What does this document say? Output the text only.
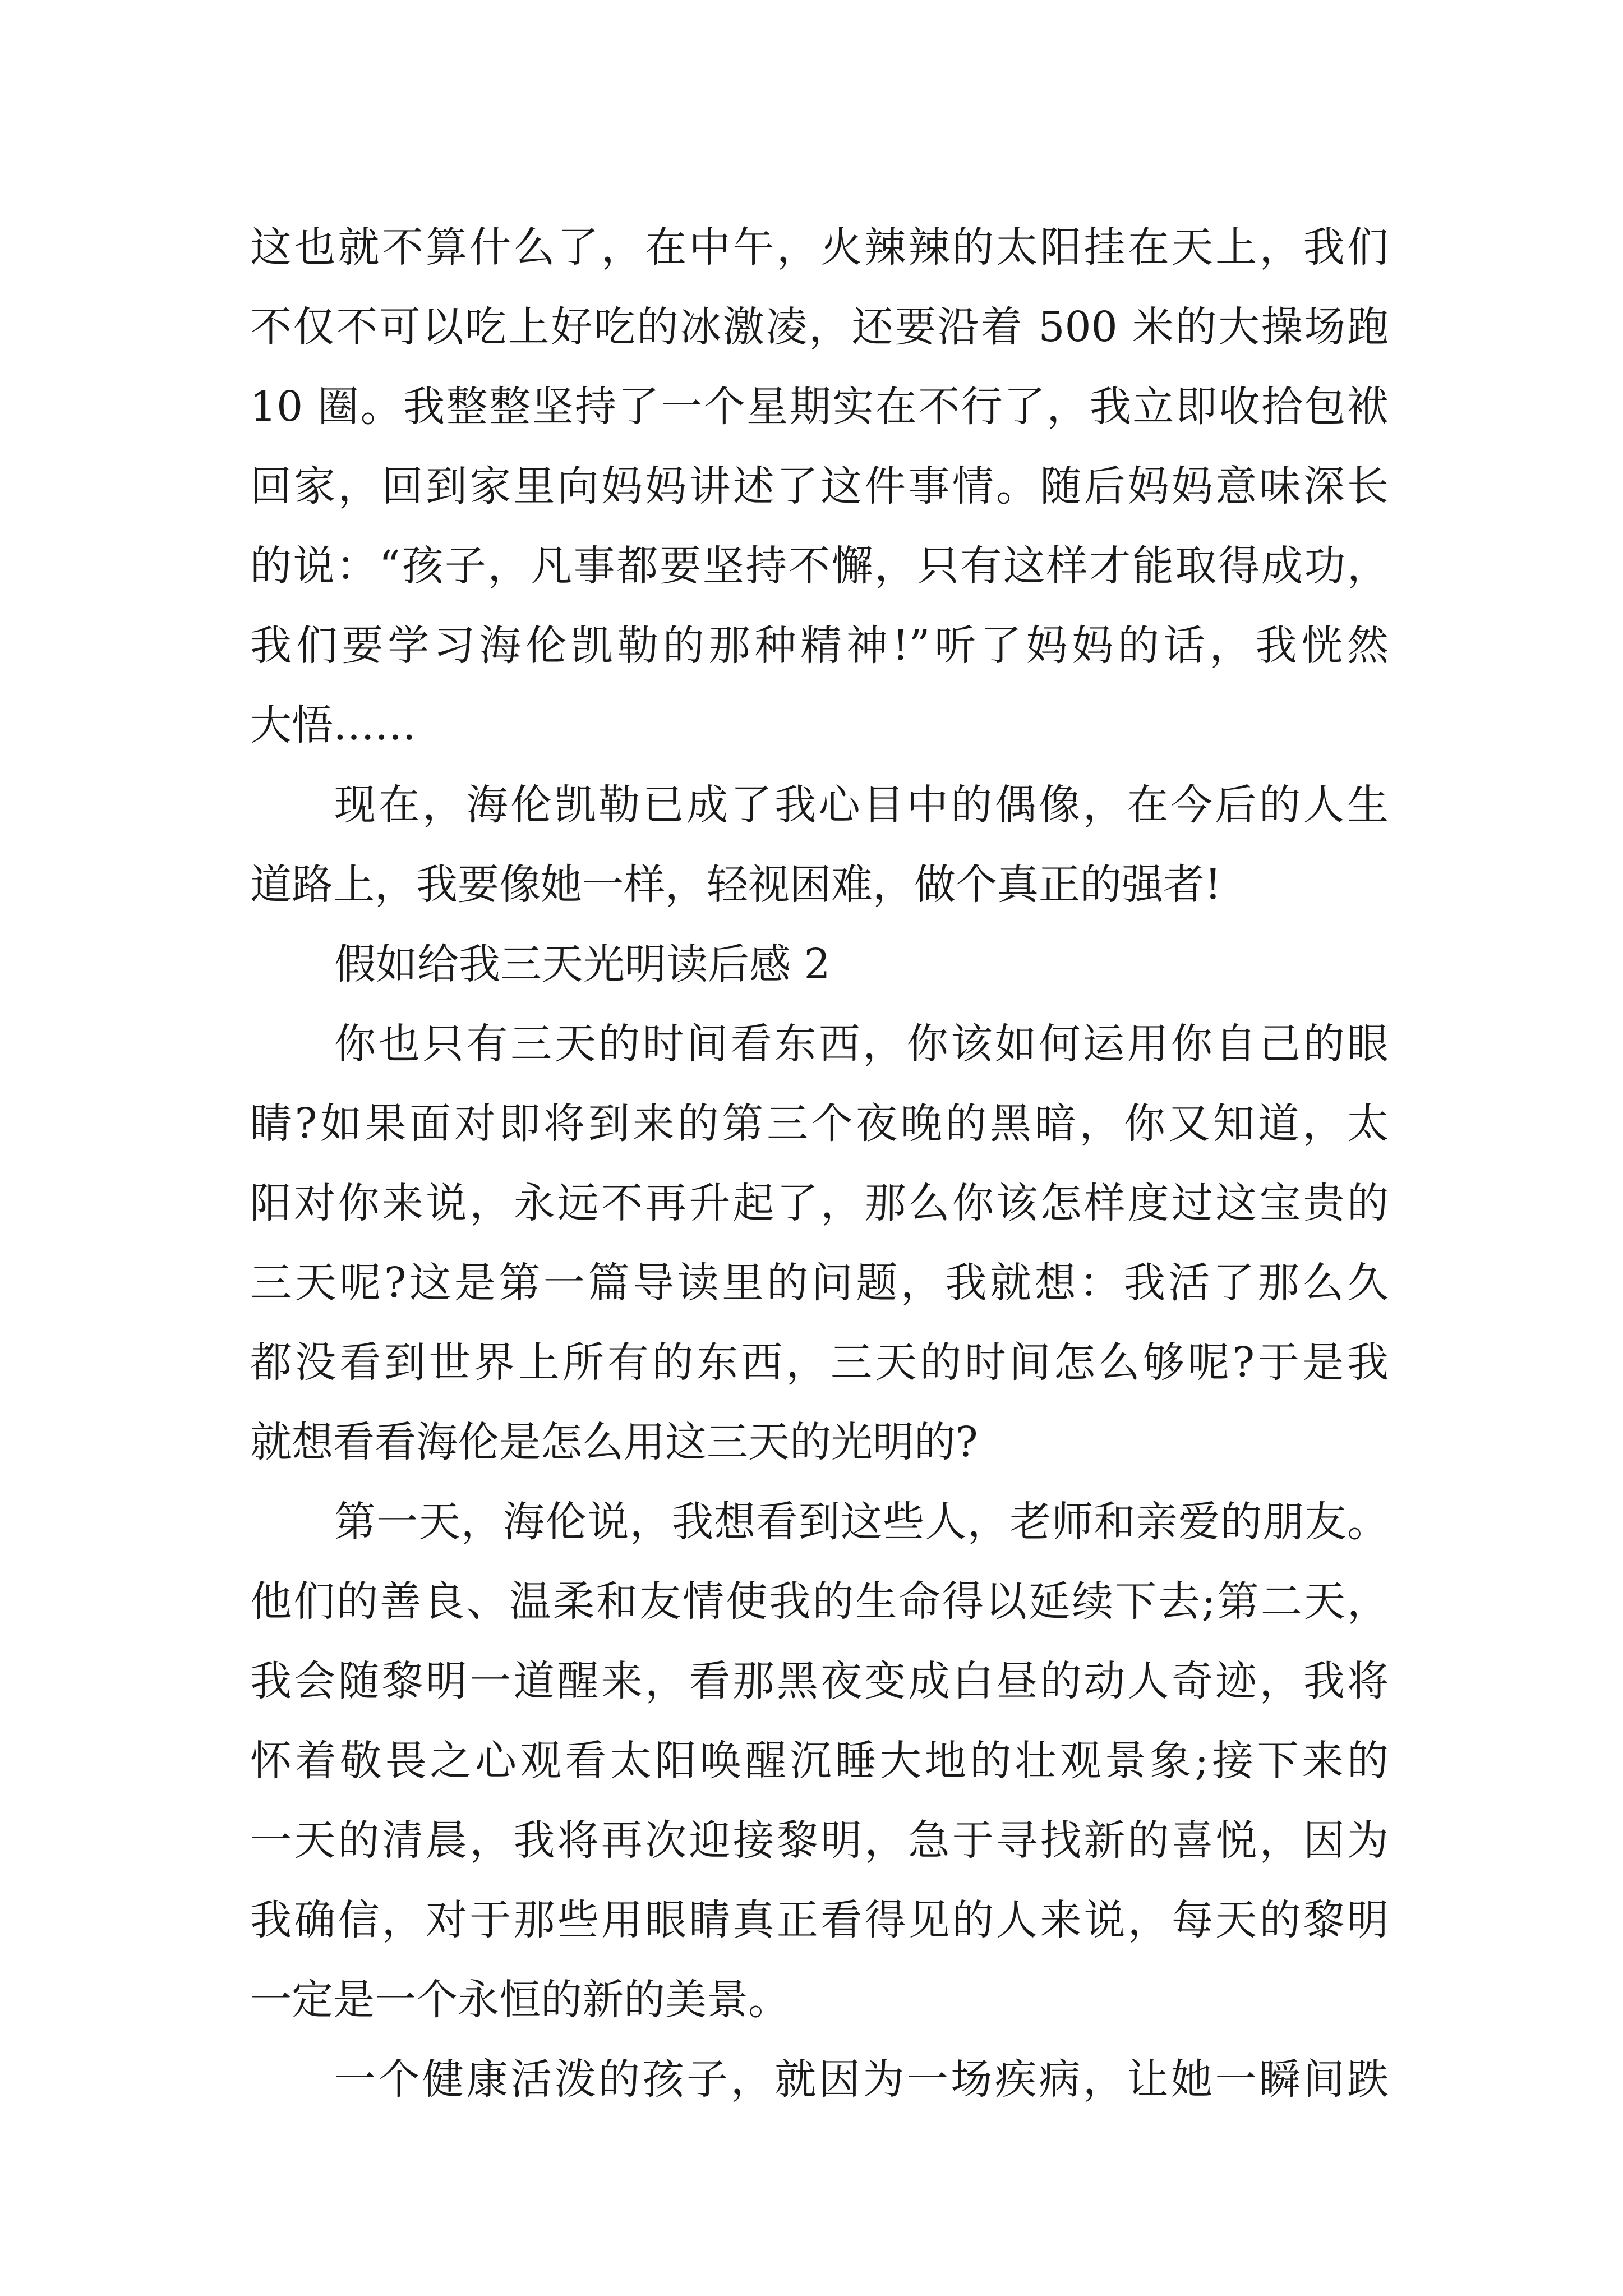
这也就不算什么了，在中午，火辣辣的太阳挂在天上，我们
不仅不可以吃上好吃的冰激凌，还要沿着 500 米的大操场跑
10 圈。我整整坚持了一个星期实在不行了，我立即收拾包袱
回家，回到家里向妈妈讲述了这件事情。随后妈妈意味深长
的说：“孩子，凡事都要坚持不懈，只有这样才能取得成功，
我们要学习海伦凯勒的那种精神!”听了妈妈的话，我恍然
大悟……
现在，海伦凯勒已成了我心目中的偶像，在今后的人生
道路上，我要像她一样，轻视困难，做个真正的强者!
假如给我三天光明读后感 2
你也只有三天的时间看东西，你该如何运用你自己的眼
睛?如果面对即将到来的第三个夜晚的黑暗，你又知道，太
阳对你来说，永远不再升起了，那么你该怎样度过这宝贵的
三天呢?这是第一篇导读里的问题，我就想：我活了那么久
都没看到世界上所有的东西，三天的时间怎么够呢?于是我
就想看看海伦是怎么用这三天的光明的?
第一天，海伦说，我想看到这些人，老师和亲爱的朋友。
他们的善良、温柔和友情使我的生命得以延续下去;第二天，
我会随黎明一道醒来，看那黑夜变成白昼的动人奇迹，我将
怀着敬畏之心观看太阳唤醒沉睡大地的壮观景象;接下来的
一天的清晨，我将再次迎接黎明，急于寻找新的喜悦，因为
我确信，对于那些用眼睛真正看得见的人来说，每天的黎明
一定是一个永恒的新的美景。
一个健康活泼的孩子，就因为一场疾病，让她一瞬间跌
